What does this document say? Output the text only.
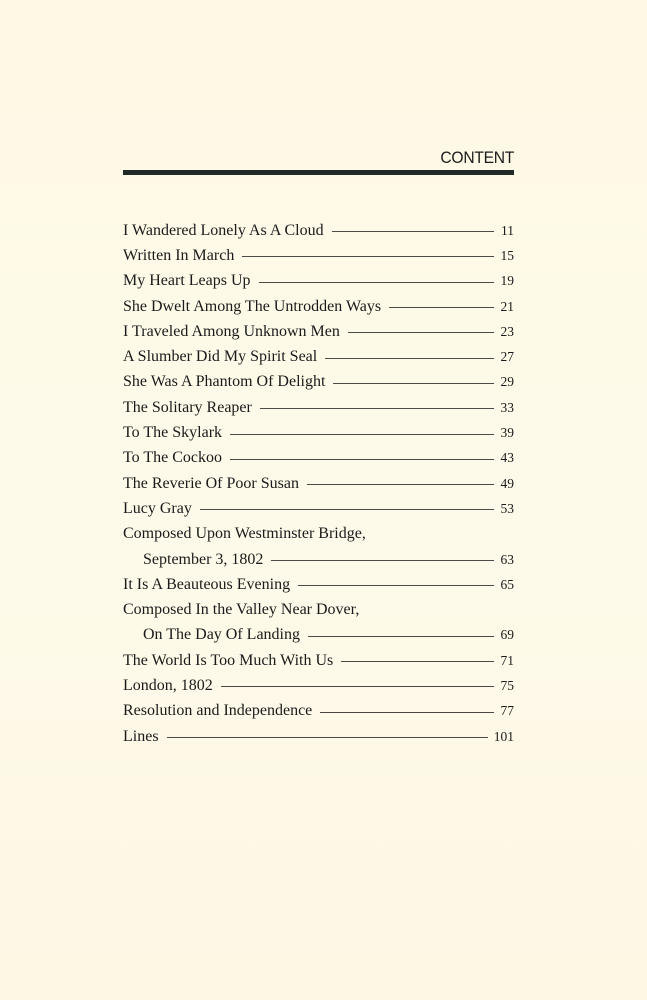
CONTENT
I Wandered Lonely As A Cloud	11
Written In March	15
My Heart Leaps Up	19
She Dwelt Among The Untrodden Ways	21
I Traveled Among Unknown Men	23
A Slumber Did My Spirit Seal	27
She Was A Phantom Of Delight	29
The Solitary Reaper	33
To The Skylark	39
To The Cockoo	43
The Reverie Of Poor Susan	49
Lucy Gray	53
Composed Upon Westminster Bridge,
September 3, 1802	63
It Is A Beauteous Evening	65
Composed In the Valley Near Dover,
On The Day Of Landing	69
The World Is Too Much With Us	71
London, 1802	75
Resolution and Independence	77
Lines	101
